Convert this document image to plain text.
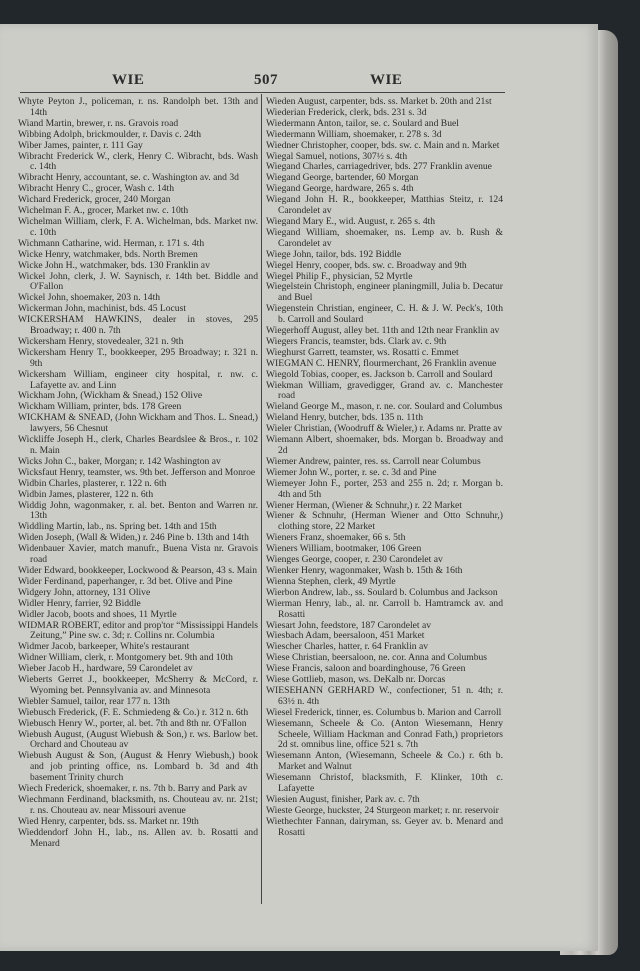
WIE	507	WIE

Whyte Peyton J., policeman, r. ns. Randolph bet. 13th and 14th

Wiand Martin, brewer, r. ns. Gravois road

Wibbing Adolph, brickmoulder, r. Davis c. 24th

Wiber James, painter, r. 111 Gay

Wibracht Frederick W., clerk, Henry C. Wibracht, bds. Wash c. 14th

Wibracht Henry, accountant, se. c. Washington av. and 3d

Wibracht Henry C., grocer, Wash c. 14th

Wichard Frederick, grocer, 240 Morgan

Wichelman F. A., grocer, Market nw. c. 10th

Wichelman William, clerk, F. A. Wichelman, bds. Market nw. c. 10th

Wichmann Catharine, wid. Herman, r. 171 s. 4th

Wicke Henry, watchmaker, bds. North Bremen

Wicke John H., watchmaker, bds. 130 Franklin av

Wickel John, clerk, J. W. Saynisch, r. 14th bet. Biddle and O'Fallon

Wickel John, shoemaker, 203 n. 14th

Wickerman John, machinist, bds. 45 Locust

WICKERSHAM HAWKINS, dealer in stoves, 295 Broadway; r. 400 n. 7th

Wickersham Henry, stovedealer, 321 n. 9th

Wickersham Henry T., bookkeeper, 295 Broadway; r. 321 n. 9th

Wickersham William, engineer city hospital, r. nw. c. Lafayette av. and Linn

Wickham John, (Wickham & Snead,) 152 Olive

Wickham William, printer, bds. 178 Green

WICKHAM & SNEAD, (John Wickham and Thos. L. Snead,) lawyers, 56 Chesnut

Wickliffe Joseph H., clerk, Charles Beardslee & Bros., r. 102 n. Main

Wicks John C., baker, Morgan; r. 142 Washington av

Wicksfaut Henry, teamster, ws. 9th bet. Jefferson and Monroe

Widbin Charles, plasterer, r. 122 n. 6th

Widbin James, plasterer, 122 n. 6th

Widdig John, wagonmaker, r. al. bet. Benton and Warren nr. 13th

Widdling Martin, lab., ns. Spring bet. 14th and 15th

Widen Joseph, (Wall & Widen,) r. 246 Pine b. 13th and 14th

Widenbauer Xavier, match manufr., Buena Vista nr. Gravois road

Wider Edward, bookkeeper, Lockwood & Pearson, 43 s. Main

Wider Ferdinand, paperhanger, r. 3d bet. Olive and Pine

Widgery John, attorney, 131 Olive

Widler Henry, farrier, 92 Biddle

Widler Jacob, boots and shoes, 11 Myrtle

WIDMAR ROBERT, editor and prop'tor “Mississippi Handels Zeitung,” Pine sw. c. 3d; r. Collins nr. Columbia

Widmer Jacob, barkeeper, White's restaurant

Widner William, clerk, r. Montgomery bet. 9th and 10th

Wieber Jacob H., hardware, 59 Carondelet av

Wieberts Gerret J., bookkeeper, McSherry & McCord, r. Wyoming bet. Pennsylvania av. and Minnesota

Wiebler Samuel, tailor, rear 177 n. 13th

Wiebusch Frederick, (F. E. Schmiedeng & Co.) r. 312 n. 6th

Wiebusch Henry W., porter, al. bet. 7th and 8th nr. O'Fallon

Wiebush August, (August Wiebush & Son,) r. ws. Barlow bet. Orchard and Chouteau av

Wiebush August & Son, (August & Henry Wiebush,) book and job printing office, ns. Lombard b. 3d and 4th basement Trinity church

Wiech Frederick, shoemaker, r. ns. 7th b. Barry and Park av

Wiechmann Ferdinand, blacksmith, ns. Chouteau av. nr. 21st; r. ns. Chouteau av. near Missouri avenue

Wied Henry, carpenter, bds. ss. Market nr. 19th

Wieddendorf John H., lab., ns. Allen av. b. Rosatti and Menard

Wieden August, carpenter, bds. ss. Market b. 20th and 21st

Wiederian Frederick, clerk, bds. 231 s. 3d

Wiedermann Anton, tailor, se. c. Soulard and Buel

Wiedermann William, shoemaker, r. 278 s. 3d

Wiedner Christopher, cooper, bds. sw. c. Main and n. Market

Wiegal Samuel, notions, 307½ s. 4th

Wiegand Charles, carriagedriver, bds. 277 Franklin avenue

Wiegand George, bartender, 60 Morgan

Wiegand George, hardware, 265 s. 4th

Wiegand John H. R., bookkeeper, Matthias Steitz, r. 124 Carondelet av

Wiegand Mary E., wid. August, r. 265 s. 4th

Wiegand William, shoemaker, ns. Lemp av. b. Rush & Carondelet av

Wiege John, tailor, bds. 192 Biddle

Wiegel Henry, cooper, bds. sw. c. Broadway and 9th

Wiegel Philip F., physician, 52 Myrtle

Wiegelstein Christoph, engineer planingmill, Julia b. Decatur and Buel

Wiegenstein Christian, engineer, C. H. & J. W. Peck's, 10th b. Carroll and Soulard

Wiegerhoff August, alley bet. 11th and 12th near Franklin av

Wiegers Francis, teamster, bds. Clark av. c. 9th

Wieghurst Garrett, teamster, ws. Rosatti c. Emmet

WIEGMAN C. HENRY, flourmerchant, 26 Franklin avenue

Wiegold Tobias, cooper, es. Jackson b. Carroll and Soulard

Wiekman William, gravedigger, Grand av. c. Manchester road

Wieland George M., mason, r. ne. cor. Soulard and Columbus

Wieland Henry, butcher, bds. 135 n. 11th

Wieler Christian, (Woodruff & Wieler,) r. Adams nr. Pratte av

Wiemann Albert, shoemaker, bds. Morgan b. Broadway and 2d

Wiemer Andrew, painter, res. ss. Carroll near Columbus

Wiemer John W., porter, r. se. c. 3d and Pine

Wiemeyer John F., porter, 253 and 255 n. 2d; r. Morgan b. 4th and 5th

Wiener Herman, (Wiener & Schnuhr,) r. 22 Market

Wiener & Schnuhr, (Herman Wiener and Otto Schnuhr,) clothing store, 22 Market

Wieners Franz, shoemaker, 66 s. 5th

Wieners William, bootmaker, 106 Green

Wienges George, cooper, r. 230 Carondelet av

Wienker Henry, wagonmaker, Wash b. 15th & 16th

Wienna Stephen, clerk, 49 Myrtle

Wierbon Andrew, lab., ss. Soulard b. Columbus and Jackson

Wierman Henry, lab., al. nr. Carroll b. Hamtramck av. and Rosatti

Wiesart John, feedstore, 187 Carondelet av

Wiesbach Adam, beersaloon, 451 Market

Wiescher Charles, hatter, r. 64 Franklin av

Wiese Christian, beersaloon, ne. cor. Anna and Columbus

Wiese Francis, saloon and boardinghouse, 76 Green

Wiese Gottlieb, mason, ws. DeKalb nr. Dorcas

WIESEHANN GERHARD W., confectioner, 51 n. 4th; r. 63½ n. 4th

Wiesel Frederick, tinner, es. Columbus b. Marion and Carroll

Wiesemann, Scheele & Co. (Anton Wiesemann, Henry Scheele, William Hackman and Conrad Fath,) proprietors 2d st. omnibus line, office 521 s. 7th

Wiesemann Anton, (Wiesemann, Scheele & Co.) r. 6th b. Market and Walnut

Wiesemann Christof, blacksmith, F. Klinker, 10th c. Lafayette

Wiesien August, finisher, Park av. c. 7th

Wieste George, huckster, 24 Sturgeon market; r. nr. reservoir

Wiethechter Fannan, dairyman, ss. Geyer av. b. Menard and Rosatti
